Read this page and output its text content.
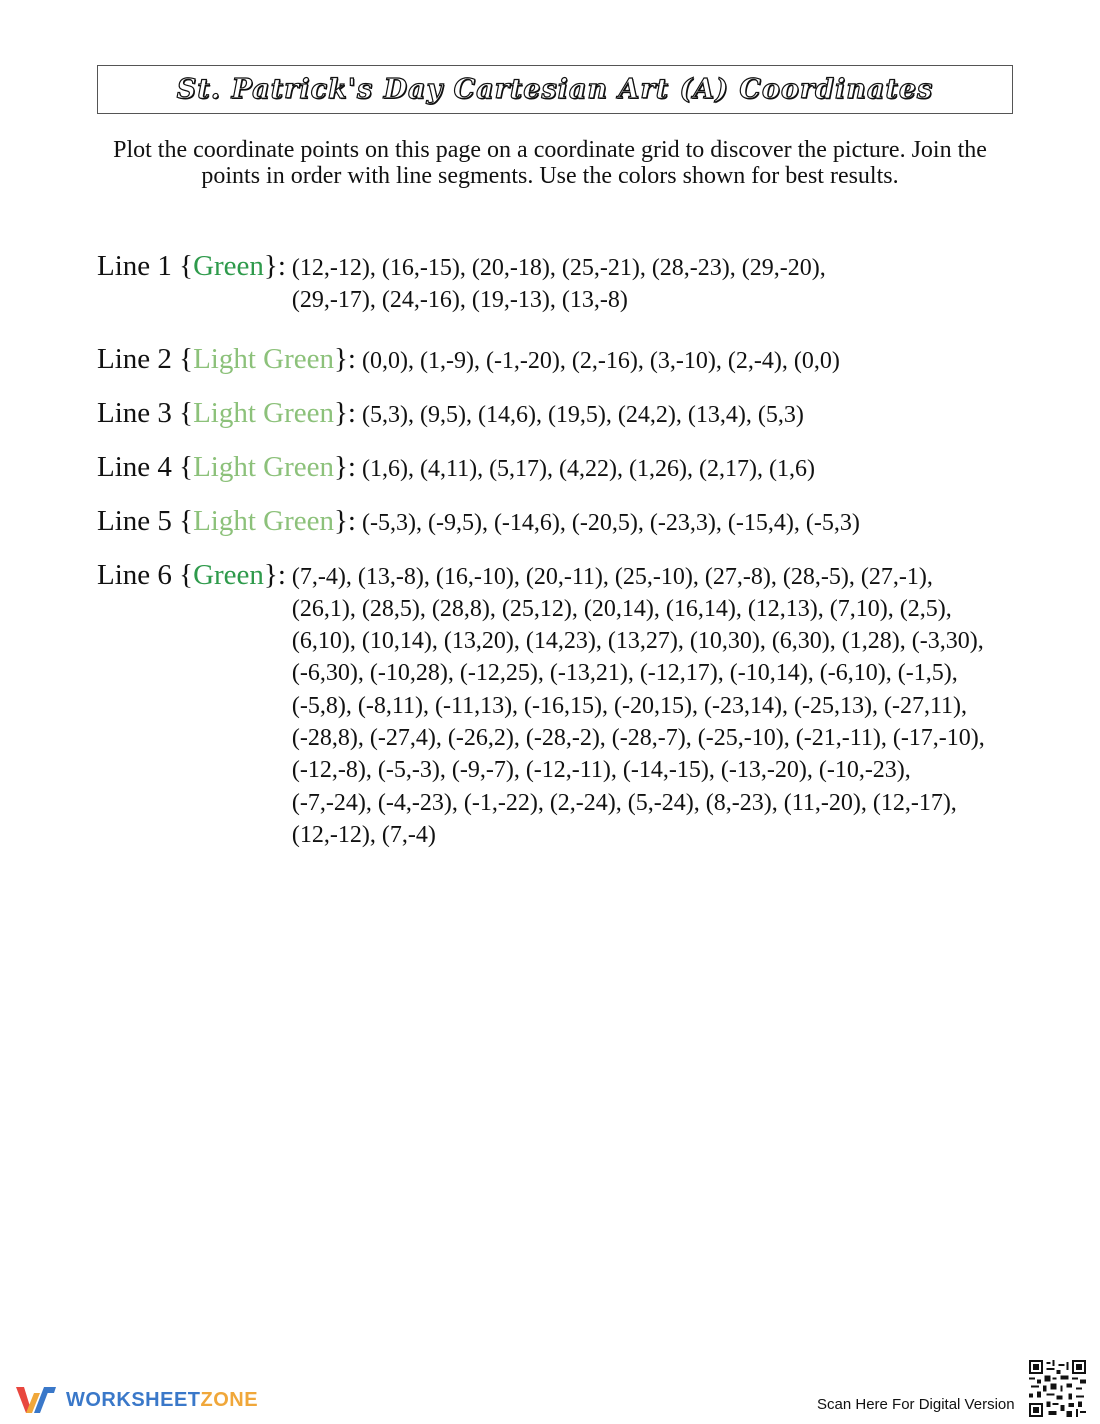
St. Patrick's Day Cartesian Art (A) Coordinates
Plot the coordinate points on this page on a coordinate grid to discover the picture. Join the points in order with line segments. Use the colors shown for best results.
Line 1 {Green}: (12,-12), (16,-15), (20,-18), (25,-21), (28,-23), (29,-20), (29,-17), (24,-16), (19,-13), (13,-8)
Line 2 {Light Green}: (0,0), (1,-9), (-1,-20), (2,-16), (3,-10), (2,-4), (0,0)
Line 3 {Light Green}: (5,3), (9,5), (14,6), (19,5), (24,2), (13,4), (5,3)
Line 4 {Light Green}: (1,6), (4,11), (5,17), (4,22), (1,26), (2,17), (1,6)
Line 5 {Light Green}: (-5,3), (-9,5), (-14,6), (-20,5), (-23,3), (-15,4), (-5,3)
Line 6 {Green}: (7,-4), (13,-8), (16,-10), (20,-11), (25,-10), (27,-8), (28,-5), (27,-1), (26,1), (28,5), (28,8), (25,12), (20,14), (16,14), (12,13), (7,10), (2,5), (6,10), (10,14), (13,20), (14,23), (13,27), (10,30), (6,30), (1,28), (-3,30), (-6,30), (-10,28), (-12,25), (-13,21), (-12,17), (-10,14), (-6,10), (-1,5), (-5,8), (-8,11), (-11,13), (-16,15), (-20,15), (-23,14), (-25,13), (-27,11), (-28,8), (-27,4), (-26,2), (-28,-2), (-28,-7), (-25,-10), (-21,-11), (-17,-10), (-12,-8), (-5,-3), (-9,-7), (-12,-11), (-14,-15), (-13,-20), (-10,-23), (-7,-24), (-4,-23), (-1,-22), (2,-24), (5,-24), (8,-23), (11,-20), (12,-17), (12,-12), (7,-4)
WORKSHEETZONE	Scan Here For Digital Version
